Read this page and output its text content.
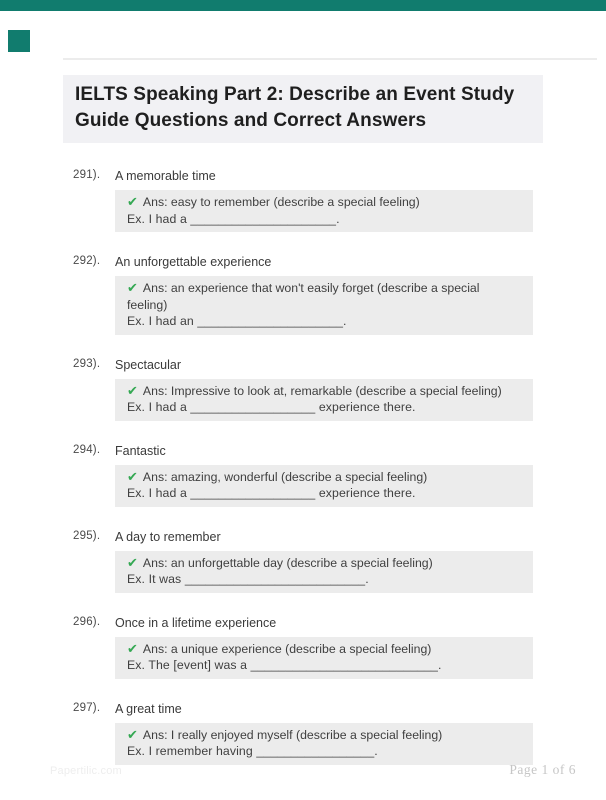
IELTS Speaking Part 2: Describe an Event Study Guide Questions and Correct Answers
291). A memorable time
✔ Ans: easy to remember (describe a special feeling)
Ex. I had a _____________________.
292). An unforgettable experience
✔ Ans: an experience that won't easily forget (describe a special feeling)
Ex. I had an _____________________.
293). Spectacular
✔ Ans: Impressive to look at, remarkable (describe a special feeling)
Ex. I had a __________________ experience there.
294). Fantastic
✔ Ans: amazing, wonderful (describe a special feeling)
Ex. I had a __________________ experience there.
295). A day to remember
✔ Ans: an unforgettable day (describe a special feeling)
Ex. It was __________________________.
296). Once in a lifetime experience
✔ Ans: a unique experience (describe a special feeling)
Ex. The [event] was a ___________________________.
297). A great time
✔ Ans: I really enjoyed myself (describe a special feeling)
Ex. I remember having _________________.
Papertilic.com	Page 1 of 6
